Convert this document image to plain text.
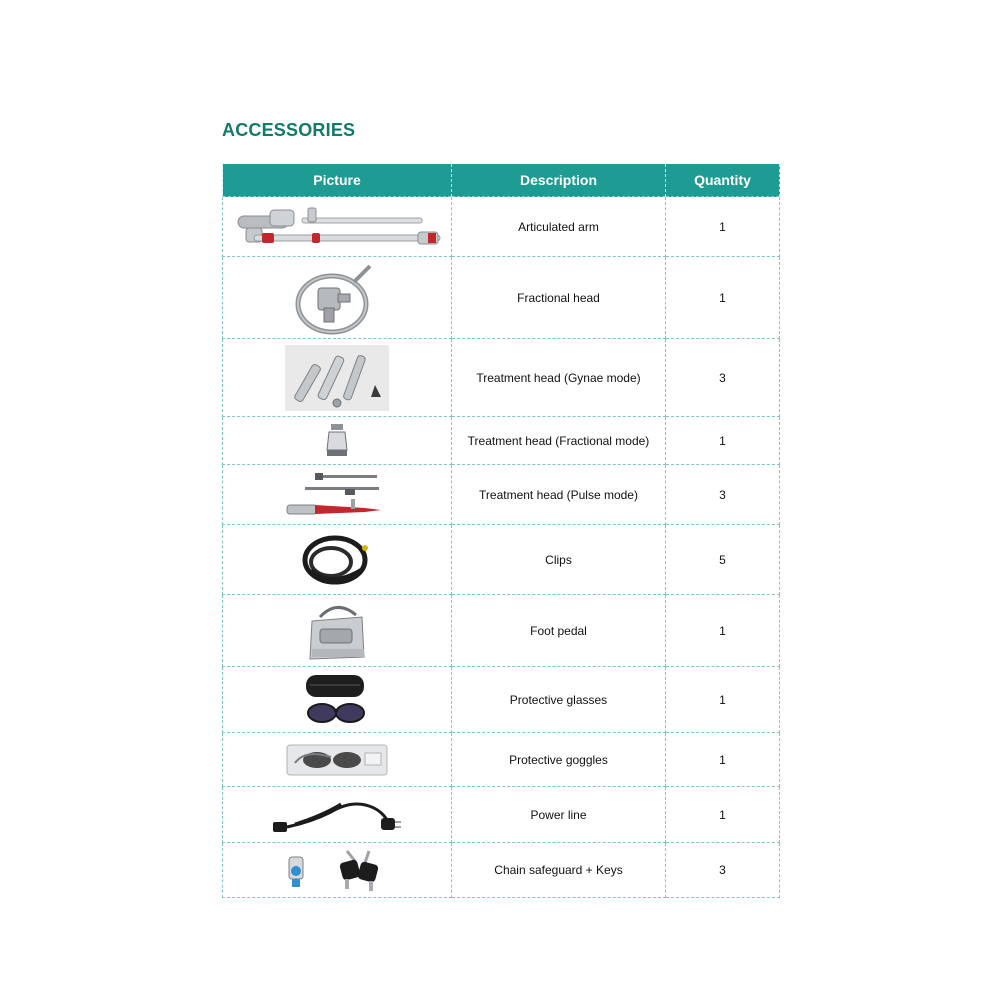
ACCESSORIES
Picture	Description	Quantity

	Articulated arm	1

	Fractional head	1

	Treatment head (Gynae mode)	3

	Treatment head (Fractional mode)	1

	Treatment head (Pulse mode)	3

	Clips	5

	Foot pedal	1

	Protective glasses	1

	Protective goggles	1

	Power line	1

	Chain safeguard + Keys	3
